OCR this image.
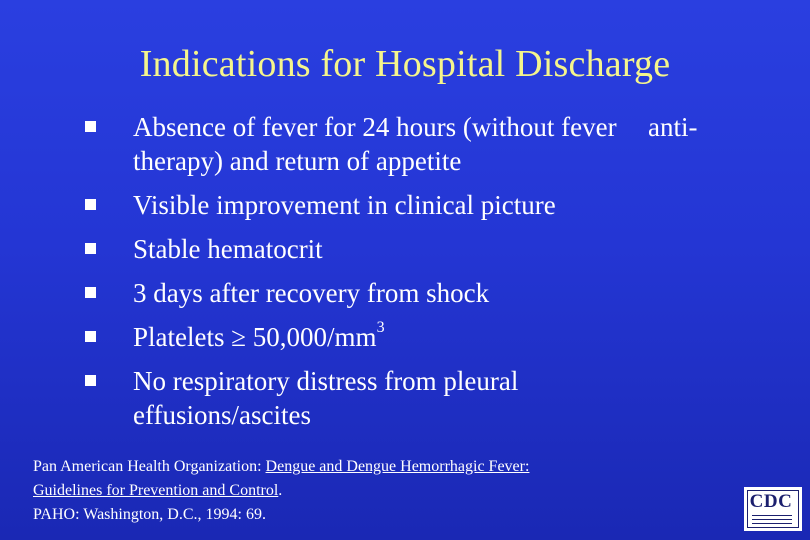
Indications for Hospital Discharge
Absence of fever for 24 hours (without fever therapy) and return of appetite
anti-
Visible improvement in clinical picture
Stable hematocrit
3 days after recovery from shock
Platelets ≥ $50,000/mm^3$
No respiratory distress from pleural effusions/ascites
Pan American Health Organization: Dengue and Dengue Hemorrhagic Fever: Guidelines for Prevention and Control.
PAHO: Washington, D.C., 1994: 69.
CDC
